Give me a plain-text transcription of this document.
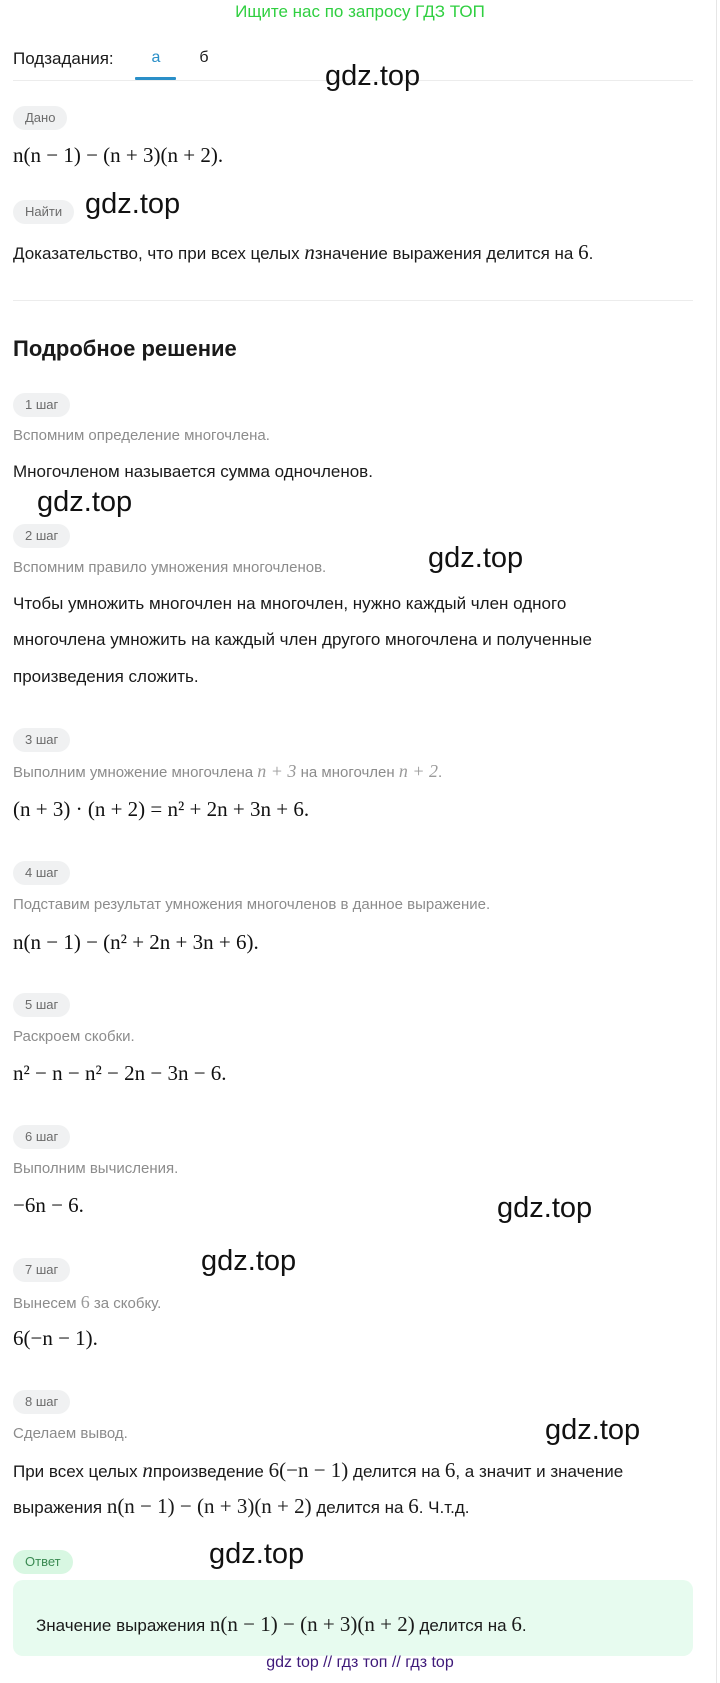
Ищите нас по запросу ГДЗ ТОП
Подзадания:	а	б
gdz.top
gdz.top
gdz.top
gdz.top
gdz.top
gdz.top
gdz.top
gdz.top
Дано
n(n − 1) − (n + 3)(n + 2).
Найти
Доказательство, что при всех целых nзначение выражения делится на 6.
Подробное решение
1 шаг
Вспомним определение многочлена.
Многочленом называется сумма одночленов.
2 шаг
Вспомним правило умножения многочленов.
Чтобы умножить многочлен на многочлен, нужно каждый член одного
многочлена умножить на каждый член другого многочлена и полученные
произведения сложить.
3 шаг
Выполним умножение многочлена n + 3 на многочлен n + 2.
(n + 3) · (n + 2) = n² + 2n + 3n + 6.
4 шаг
Подставим результат умножения многочленов в данное выражение.
n(n − 1) − (n² + 2n + 3n + 6).
5 шаг
Раскроем скобки.
n² − n − n² − 2n − 3n − 6.
6 шаг
Выполним вычисления.
−6n − 6.
7 шаг
Вынесем 6 за скобку.
6(−n − 1).
8 шаг
Сделаем вывод.
При всех целых nпроизведение 6(−n − 1) делится на 6, а значит и значение
выражения n(n − 1) − (n + 3)(n + 2) делится на 6. Ч.т.д.
Ответ
Значение выражения n(n − 1) − (n + 3)(n + 2) делится на 6.
gdz top // гдз топ // гдз top
